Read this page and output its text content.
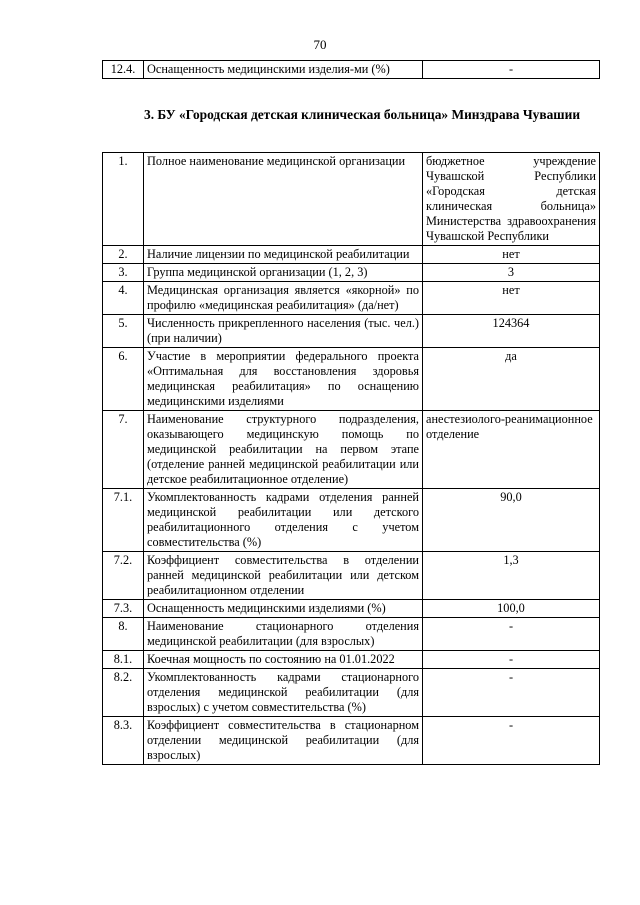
70
12.4.	Оснащенность медицинскими изделия-ми (%)	-
3. БУ «Городская детская клиническая больница» Минздрава Чувашии
1.	Полное наименование медицинской организации	бюджетное учреждение Чувашской Республики «Городская детская клиническая больница» Министерства здравоохранения Чувашской Республики
2.	Наличие лицензии по медицинской реабилитации	нет
3.	Группа медицинской организации (1, 2, 3)	3
4.	Медицинская организация является «якорной» по профилю «медицинская реабилитация» (да/нет)	нет
5.	Численность прикрепленного населения (тыс. чел.) (при наличии)	124364
6.	Участие в мероприятии федерального проекта «Оптимальная для восстановления здоровья медицинская реабилитация» по оснащению медицинскими изделиями	да
7.	Наименование структурного подразделения, оказывающего медицинскую помощь по медицинской реабилитации на первом этапе (отделение ранней медицинской реабилитации или детское реабилитационное отделение)	анестезиолого-реанимационное отделение
7.1.	Укомплектованность кадрами отделения ранней медицинской реабилитации или детского реабилитационного отделения с учетом совместительства (%)	90,0
7.2.	Коэффициент совместительства в отделении ранней медицинской реабилитации или детском реабилитационном отделении	1,3
7.3.	Оснащенность медицинскими изделиями (%)	100,0
8.	Наименование стационарного отделения медицинской реабилитации (для взрослых)	-
8.1.	Коечная мощность по состоянию на 01.01.2022	-
8.2.	Укомплектованность кадрами стационарного отделения медицинской реабилитации (для взрослых) с учетом совместительства (%)	-
8.3.	Коэффициент совместительства в стационарном отделении медицинской реабилитации (для взрослых)	-
